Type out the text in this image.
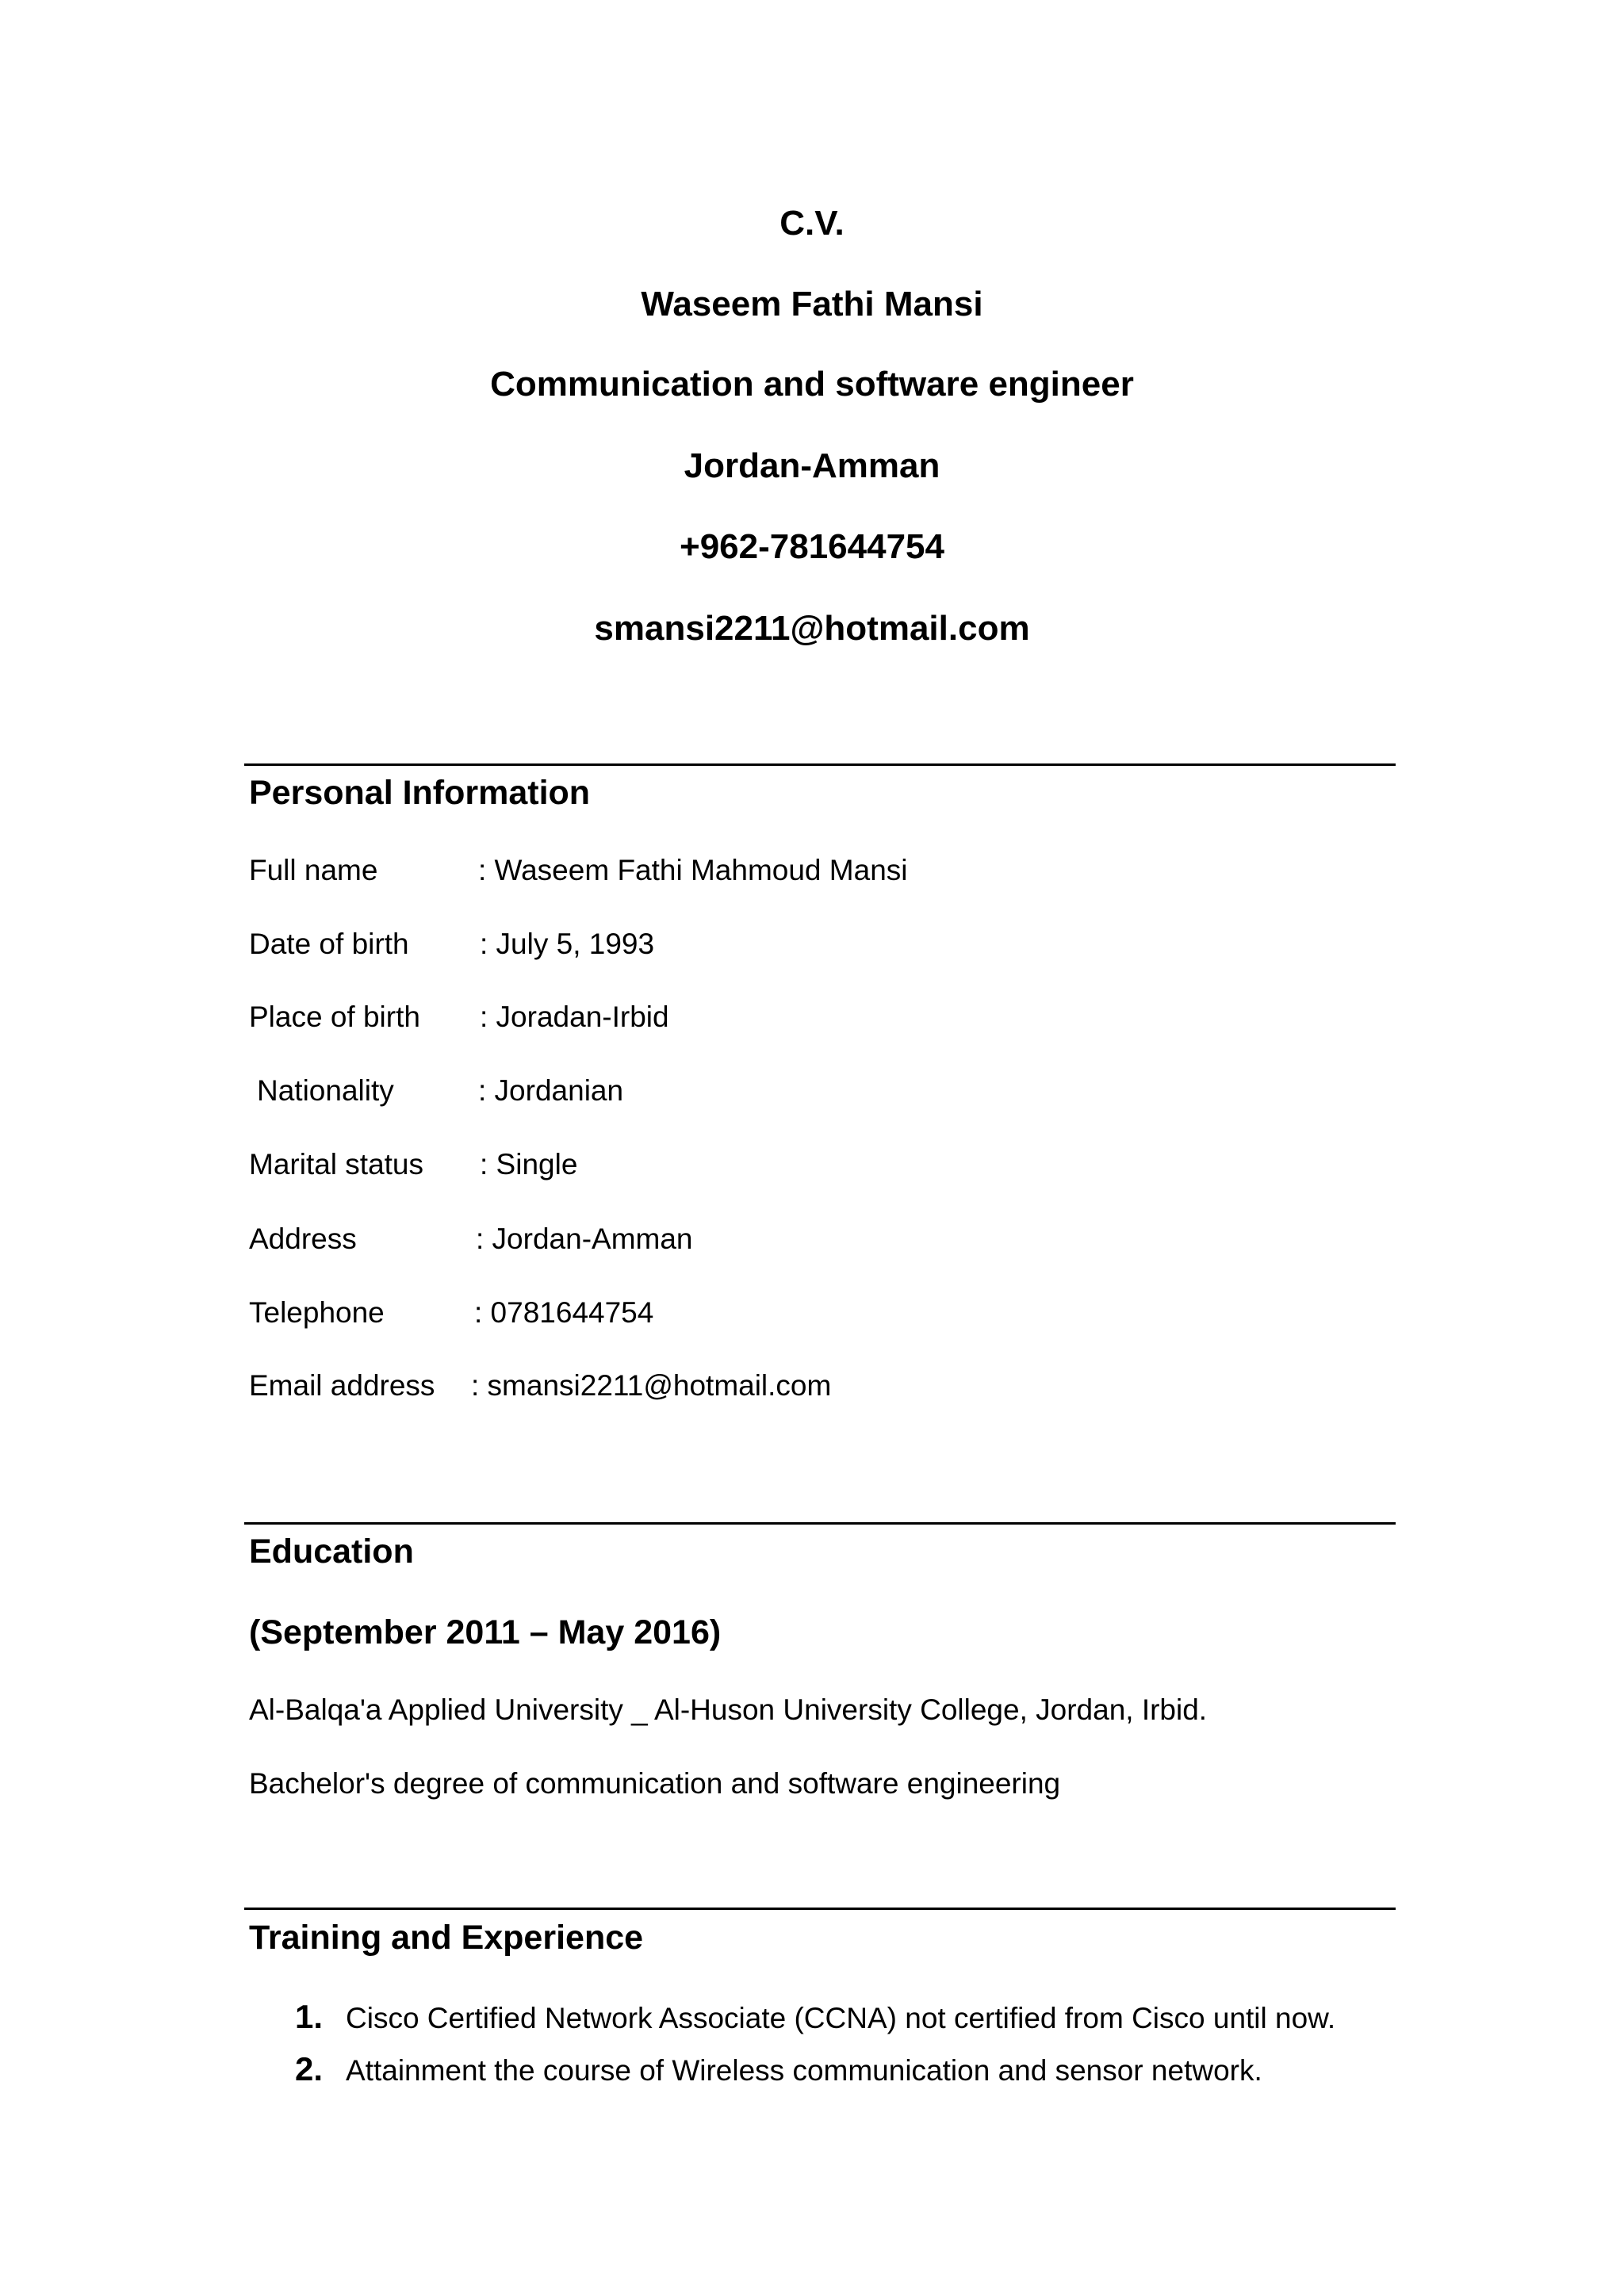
C.V.
Waseem Fathi Mansi
Communication and software engineer
Jordan-Amman
+962-781644754
smansi2211@hotmail.com
Personal Information
Full name	: Waseem Fathi Mahmoud Mansi
Date of birth : July 5, 1993
Place of birth : Joradan-Irbid
Nationality	: Jordanian
Marital status : Single
Address	: Jordan-Amman
Telephone	: 0781644754
Email address : smansi2211@hotmail.com
Education
(September 2011 – May 2016)
Al-Balqa'a Applied University _ Al-Huson University College, Jordan, Irbid.
Bachelor's degree of communication and software engineering
Training and Experience
1. Cisco Certified Network Associate (CCNA) not certified from Cisco until now.
2. Attainment the course of Wireless communication and sensor network.
